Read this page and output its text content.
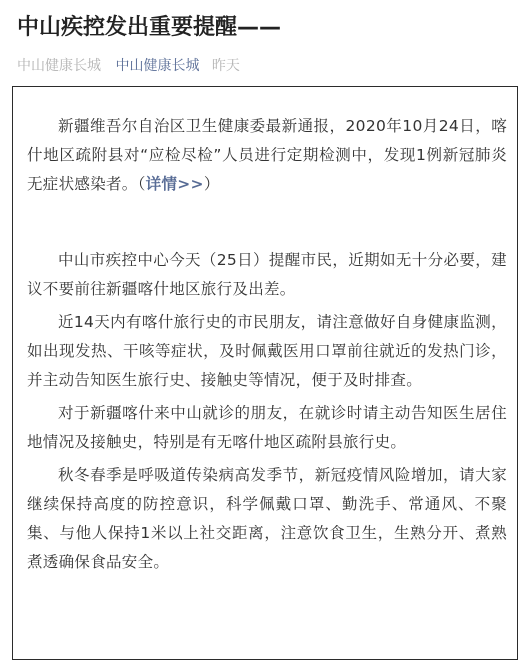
中山疾控发出重要提醒——
中山健康长城 中山健康长城 昨天

新疆维吾尔自治区卫生健康委最新通报，2020年10月24日，喀什地区疏附县对“应检尽检”人员进行定期检测中，发现1例新冠肺炎无症状感染者。（详情>>）

中山市疾控中心今天（25日）提醒市民，近期如无十分必要，建议不要前往新疆喀什地区旅行及出差。

近14天内有喀什旅行史的市民朋友，请注意做好自身健康监测，如出现发热、干咳等症状，及时佩戴医用口罩前往就近的发热门诊，并主动告知医生旅行史、接触史等情况，便于及时排查。

对于新疆喀什来中山就诊的朋友，在就诊时请主动告知医生居住地情况及接触史，特别是有无喀什地区疏附县旅行史。

秋冬春季是呼吸道传染病高发季节，新冠疫情风险增加，请大家继续保持高度的防控意识，科学佩戴口罩、勤洗手、常通风、不聚集、与他人保持1米以上社交距离，注意饮食卫生，生熟分开、煮熟煮透确保食品安全。
